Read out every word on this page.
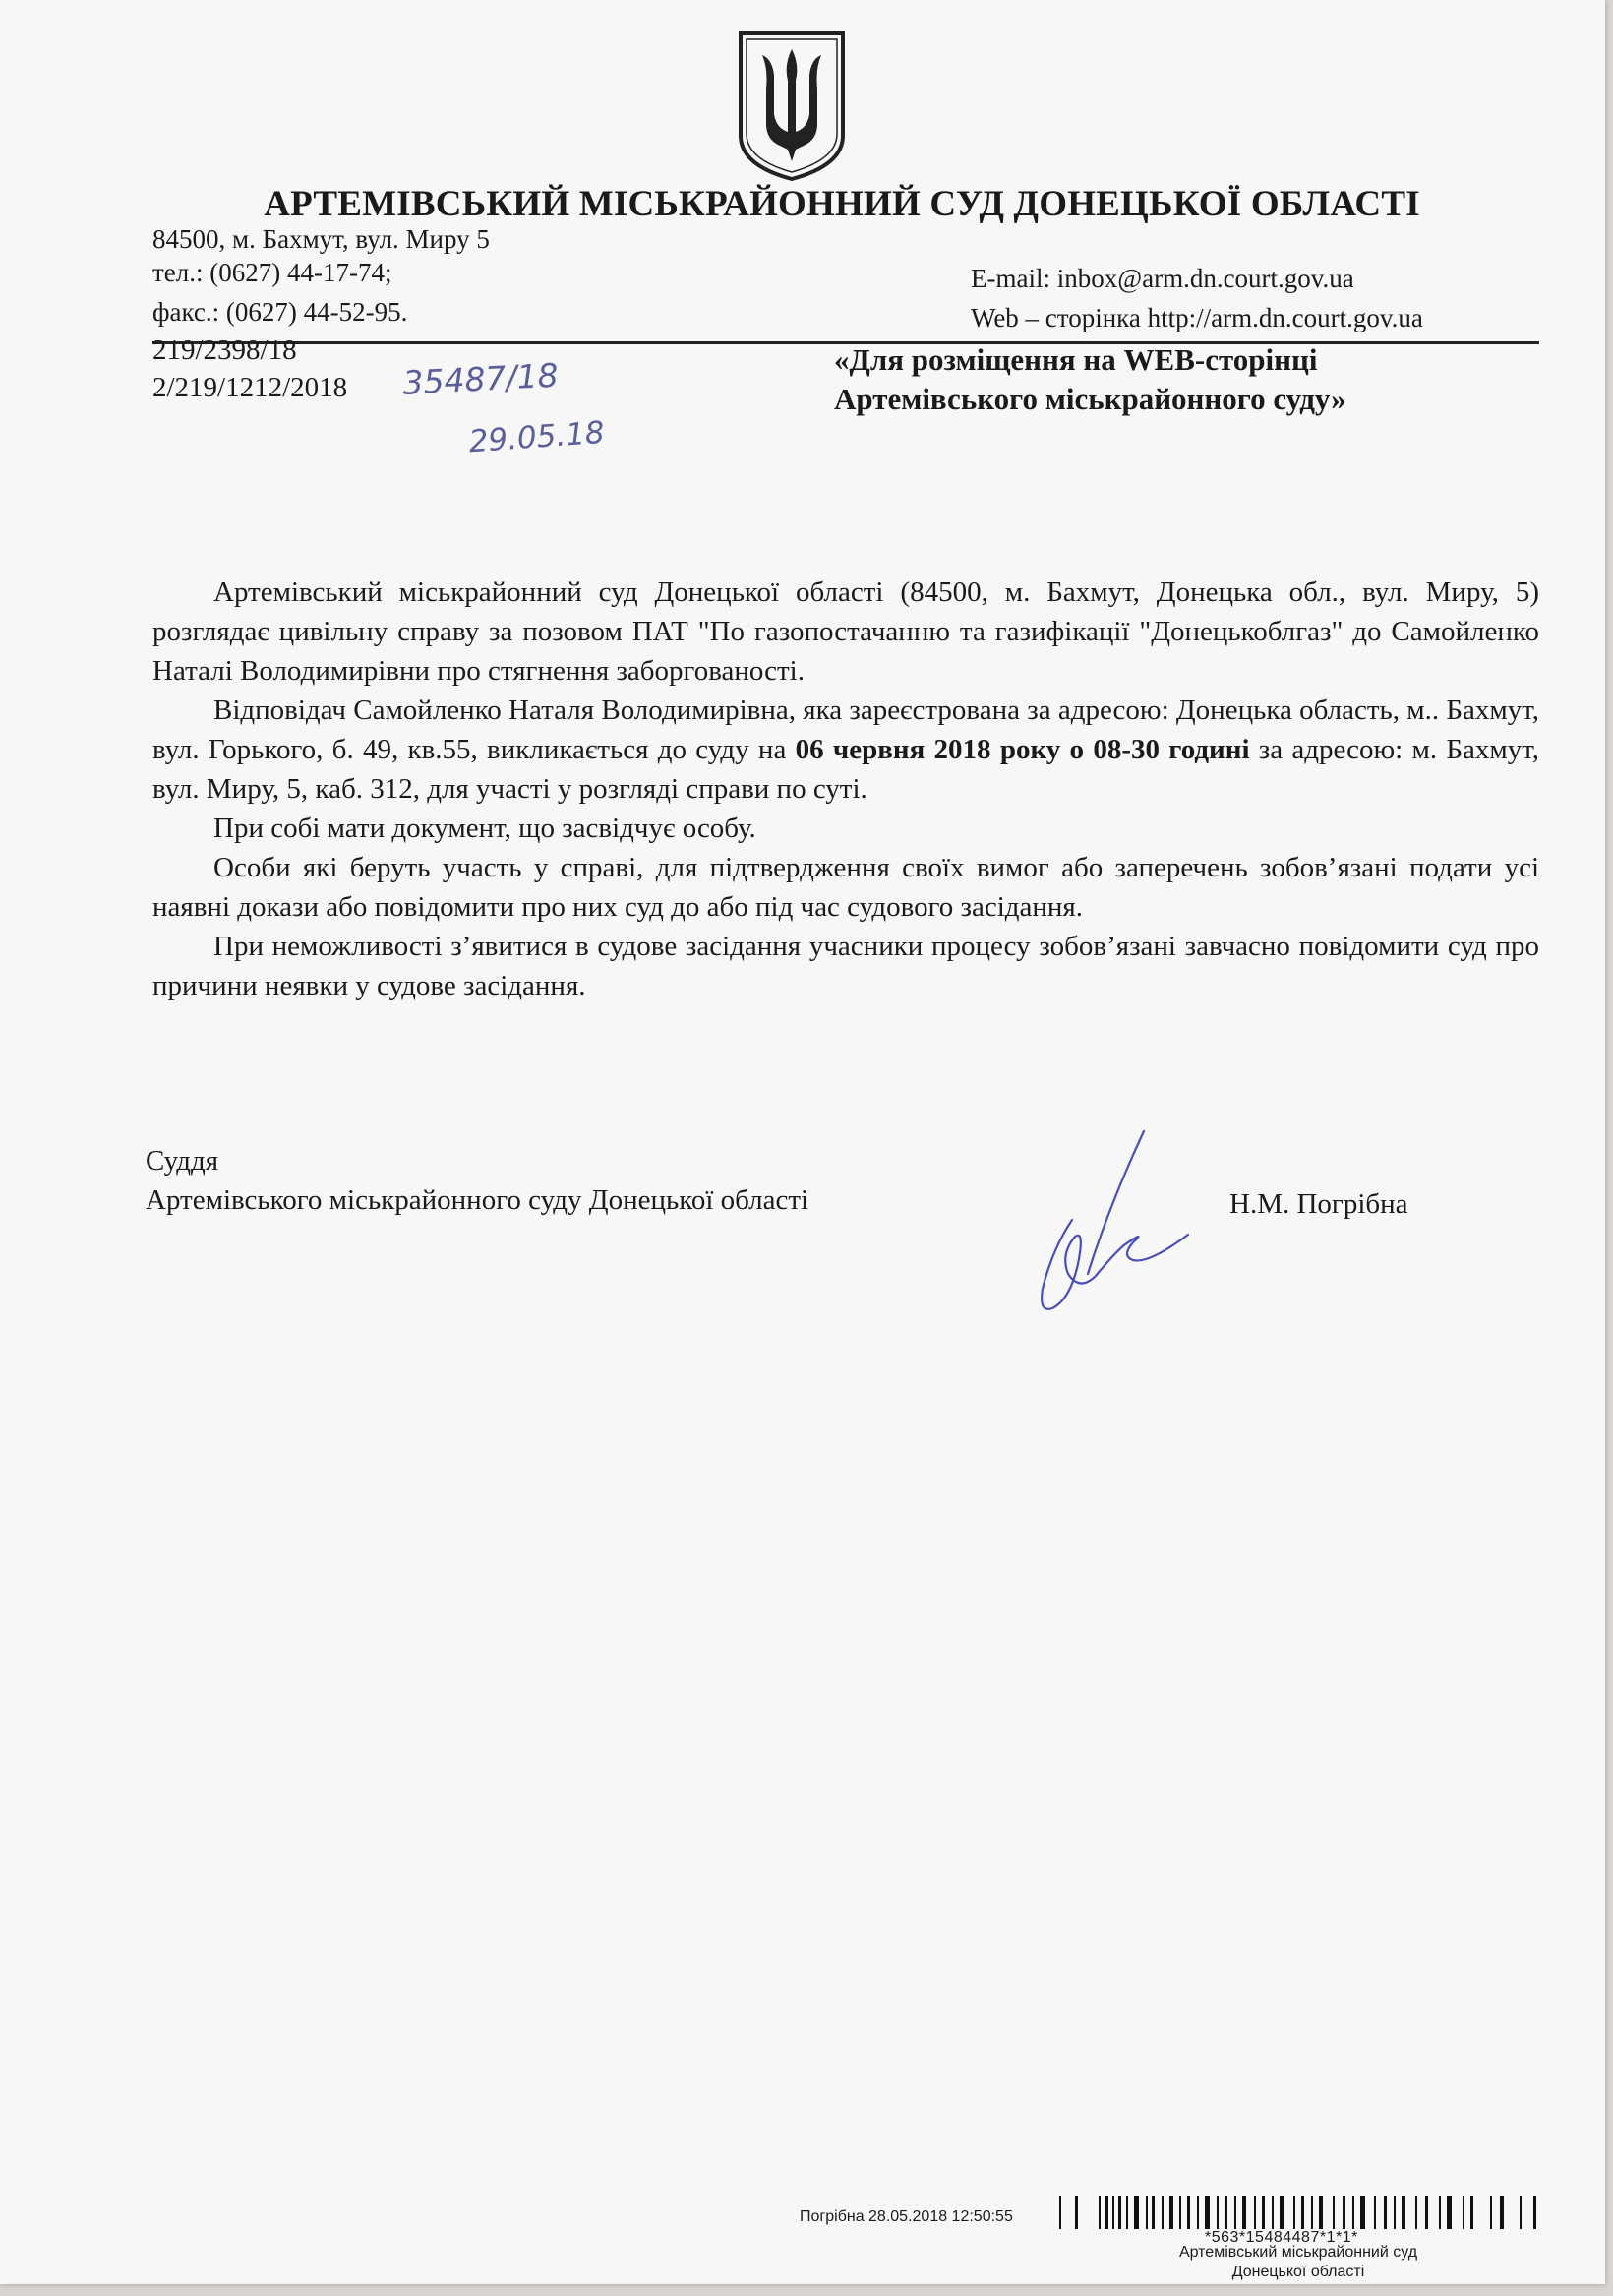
АРТЕМІВСЬКИЙ МІСЬКРАЙОННИЙ СУД ДОНЕЦЬКОЇ ОБЛАСТІ
84500, м. Бахмут, вул. Миру 5
тел.: (0627) 44-17-74;
факс.: (0627) 44-52-95.
E-mail: inbox@arm.dn.court.gov.ua
Web – сторінка http://arm.dn.court.gov.ua
219/2398/18
2/219/1212/2018 35487/18
29.05.18
«Для розміщення на WEB-сторінці
Артемівського міськрайонного суду»

Артемівський міськрайонний суд Донецької області (84500, м. Бахмут, Донецька обл., вул. Миру, 5) розглядає цивільну справу за позовом ПАТ "По газопостачанню та газифікації "Донецькоблгаз" до Самойленко Наталі Володимирівни про стягнення заборгованості.

Відповідач Самойленко Наталя Володимирівна, яка зареєстрована за адресою: Донецька область, м.. Бахмут, вул. Горького, б. 49, кв.55, викликається до суду на 06 червня 2018 року о 08-30 годині за адресою: м. Бахмут, вул. Миру, 5, каб. 312, для участі у розгляді справи по суті.

При собі мати документ, що засвідчує особу.

Особи які беруть участь у справі, для підтвердження своїх вимог або заперечень зобов’язані подати усі наявні докази або повідомити про них суд до або під час судового засідання.

При неможливості з’явитися в судове засідання учасники процесу зобов’язані завчасно повідомити суд про причини неявки у судове засідання.

Суддя
Артемівського міськрайонного суду Донецької області	Н.М. Погрібна
Артемівський міськрайонний суд
Донецької області
Погрібна 28.05.2018 12:50:55
*563*15484487*1*1*
